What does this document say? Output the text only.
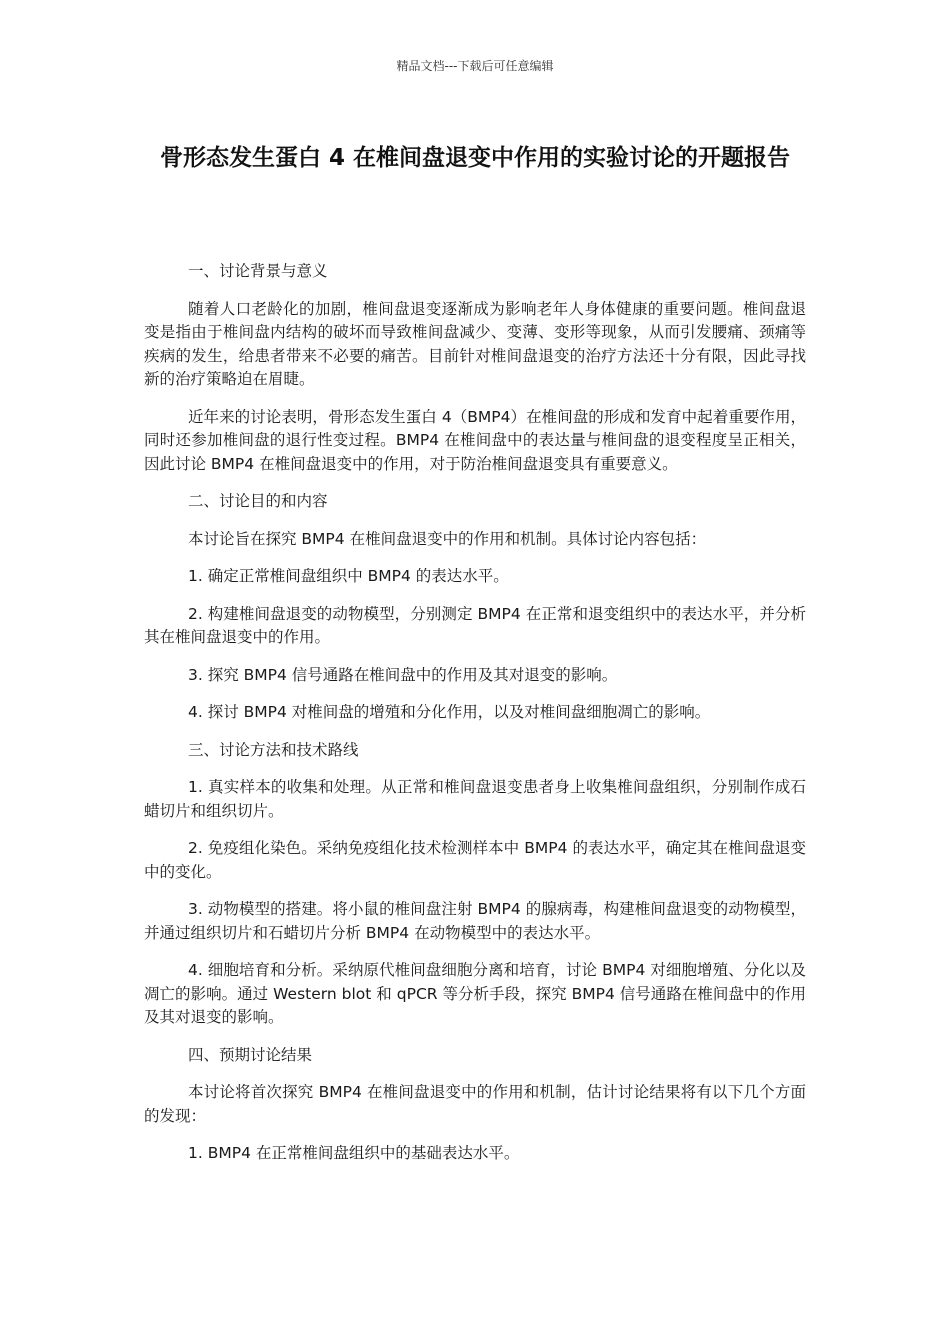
精品文档---下载后可任意编辑
骨形态发生蛋白 4 在椎间盘退变中作用的实验讨论的开题报告

一、讨论背景与意义

随着人口老龄化的加剧，椎间盘退变逐渐成为影响老年人身体健康的重要问题。椎间盘退变是指由于椎间盘内结构的破坏而导致椎间盘减少、变薄、变形等现象，从而引发腰痛、颈痛等疾病的发生，给患者带来不必要的痛苦。目前针对椎间盘退变的治疗方法还十分有限，因此寻找新的治疗策略迫在眉睫。

近年来的讨论表明，骨形态发生蛋白 4（BMP4）在椎间盘的形成和发育中起着重要作用，同时还参加椎间盘的退行性变过程。BMP4 在椎间盘中的表达量与椎间盘的退变程度呈正相关，因此讨论 BMP4 在椎间盘退变中的作用，对于防治椎间盘退变具有重要意义。

二、讨论目的和内容

本讨论旨在探究 BMP4 在椎间盘退变中的作用和机制。具体讨论内容包括：

1. 确定正常椎间盘组织中 BMP4 的表达水平。

2. 构建椎间盘退变的动物模型，分别测定 BMP4 在正常和退变组织中的表达水平，并分析其在椎间盘退变中的作用。

3. 探究 BMP4 信号通路在椎间盘中的作用及其对退变的影响。

4. 探讨 BMP4 对椎间盘的增殖和分化作用，以及对椎间盘细胞凋亡的影响。

三、讨论方法和技术路线

1. 真实样本的收集和处理。从正常和椎间盘退变患者身上收集椎间盘组织，分别制作成石蜡切片和组织切片。

2. 免疫组化染色。采纳免疫组化技术检测样本中 BMP4 的表达水平，确定其在椎间盘退变中的变化。

3. 动物模型的搭建。将小鼠的椎间盘注射 BMP4 的腺病毒，构建椎间盘退变的动物模型，并通过组织切片和石蜡切片分析 BMP4 在动物模型中的表达水平。

4. 细胞培育和分析。采纳原代椎间盘细胞分离和培育，讨论 BMP4 对细胞增殖、分化以及凋亡的影响。通过 Western blot 和 qPCR 等分析手段，探究 BMP4 信号通路在椎间盘中的作用及其对退变的影响。

四、预期讨论结果

本讨论将首次探究 BMP4 在椎间盘退变中的作用和机制，估计讨论结果将有以下几个方面的发现：

1. BMP4 在正常椎间盘组织中的基础表达水平。
